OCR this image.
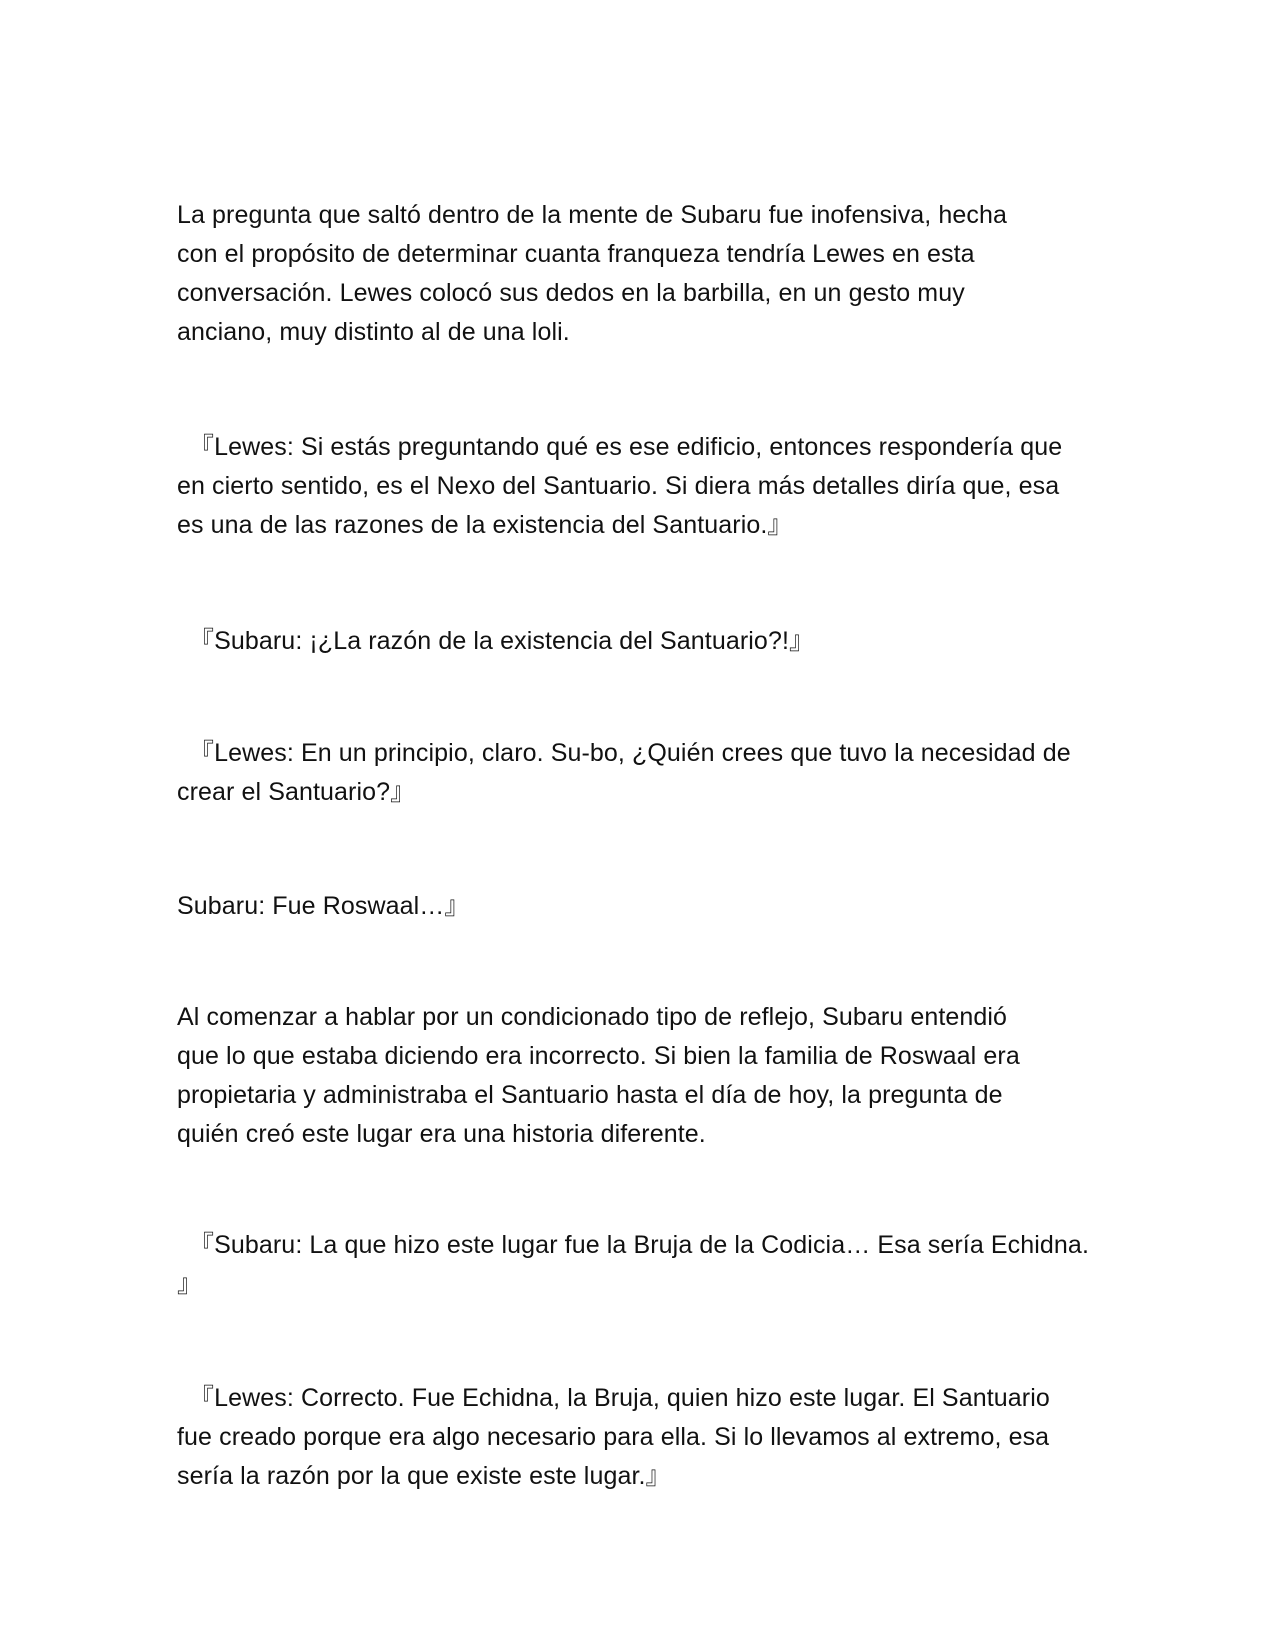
La pregunta que saltó dentro de la mente de Subaru fue inofensiva, hecha
con el propósito de determinar cuanta franqueza tendría Lewes en esta
conversación. Lewes colocó sus dedos en la barbilla, en un gesto muy
anciano, muy distinto al de una loli.

『Lewes: Si estás preguntando qué es ese edificio, entonces respondería que
en cierto sentido, es el Nexo del Santuario. Si diera más detalles diría que, esa
es una de las razones de la existencia del Santuario.』

『Subaru: ¡¿La razón de la existencia del Santuario?!』

『Lewes: En un principio, claro. Su-bo, ¿Quién crees que tuvo la necesidad de
crear el Santuario?』

Subaru: Fue Roswaal…』

Al comenzar a hablar por un condicionado tipo de reflejo, Subaru entendió
que lo que estaba diciendo era incorrecto. Si bien la familia de Roswaal era
propietaria y administraba el Santuario hasta el día de hoy, la pregunta de
quién creó este lugar era una historia diferente.

『Subaru: La que hizo este lugar fue la Bruja de la Codicia… Esa sería Echidna.
』

『Lewes: Correcto. Fue Echidna, la Bruja, quien hizo este lugar. El Santuario
fue creado porque era algo necesario para ella. Si lo llevamos al extremo, esa
sería la razón por la que existe este lugar.』
